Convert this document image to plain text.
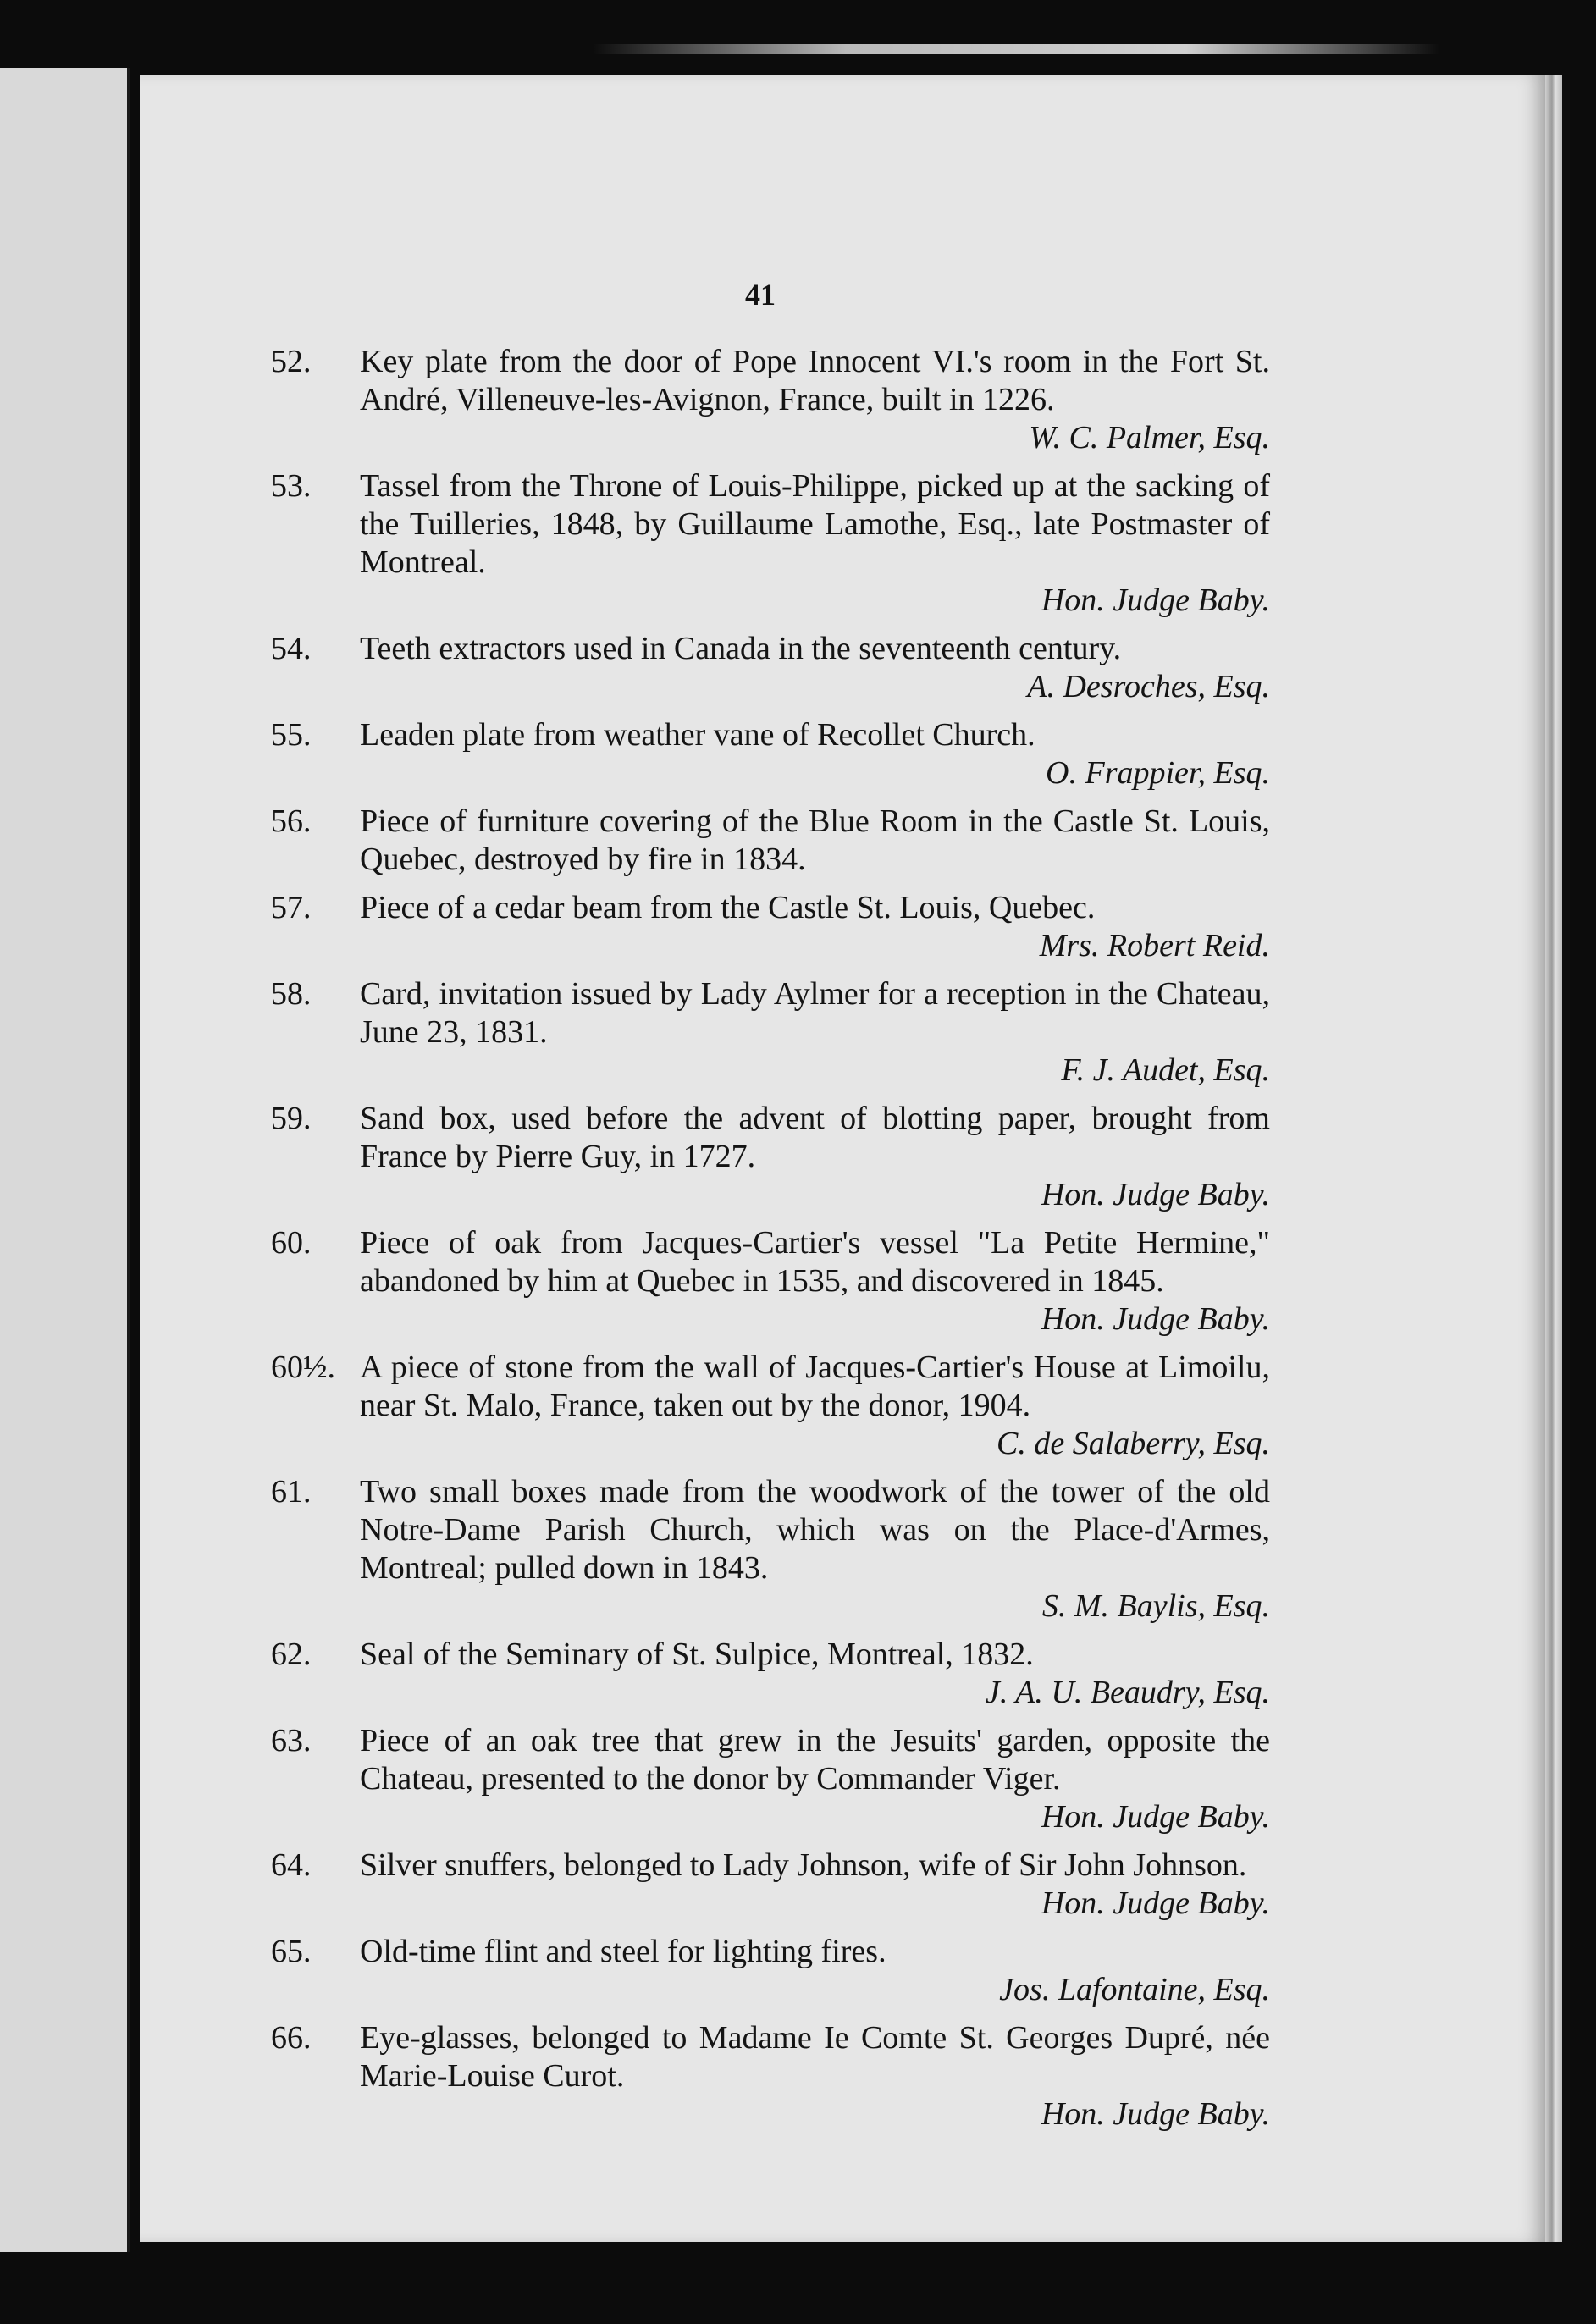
41
52.	Key plate from the door of Pope Innocent VI.'s room in the Fort St. André, Villeneuve-les-Avignon, France, built in 1226.
W. C. Palmer, Esq.
53.	Tassel from the Throne of Louis-Philippe, picked up at the sacking of the Tuilleries, 1848, by Guillaume Lamothe, Esq., late Postmaster of Montreal.
Hon. Judge Baby.
54.	Teeth extractors used in Canada in the seventeenth century.
A. Desroches, Esq.
55.	Leaden plate from weather vane of Recollet Church.
O. Frappier, Esq.
56.	Piece of furniture covering of the Blue Room in the Castle St. Louis, Quebec, destroyed by fire in 1834.
57.	Piece of a cedar beam from the Castle St. Louis, Quebec.
Mrs. Robert Reid.
58.	Card, invitation issued by Lady Aylmer for a reception in the Chateau, June 23, 1831.
F. J. Audet, Esq.
59.	Sand box, used before the advent of blotting paper, brought from France by Pierre Guy, in 1727.
Hon. Judge Baby.
60.	Piece of oak from Jacques-Cartier's vessel "La Petite Hermine," abandoned by him at Quebec in 1535, and discovered in 1845.
Hon. Judge Baby.
60½. A piece of stone from the wall of Jacques-Cartier's House at Limoilu, near St. Malo, France, taken out by the donor, 1904.
C. de Salaberry, Esq.
61.	Two small boxes made from the woodwork of the tower of the old Notre-Dame Parish Church, which was on the Place-d'Armes, Montreal; pulled down in 1843.
S. M. Baylis, Esq.
62.	Seal of the Seminary of St. Sulpice, Montreal, 1832.
J. A. U. Beaudry, Esq.
63.	Piece of an oak tree that grew in the Jesuits' garden, opposite the Chateau, presented to the donor by Commander Viger.
Hon. Judge Baby.
64.	Silver snuffers, belonged to Lady Johnson, wife of Sir John Johnson.
Hon. Judge Baby.
65.	Old-time flint and steel for lighting fires.
Jos. Lafontaine, Esq.
66.	Eye-glasses, belonged to Madame Ie Comte St. Georges Dupré, née Marie-Louise Curot.
Hon. Judge Baby.
